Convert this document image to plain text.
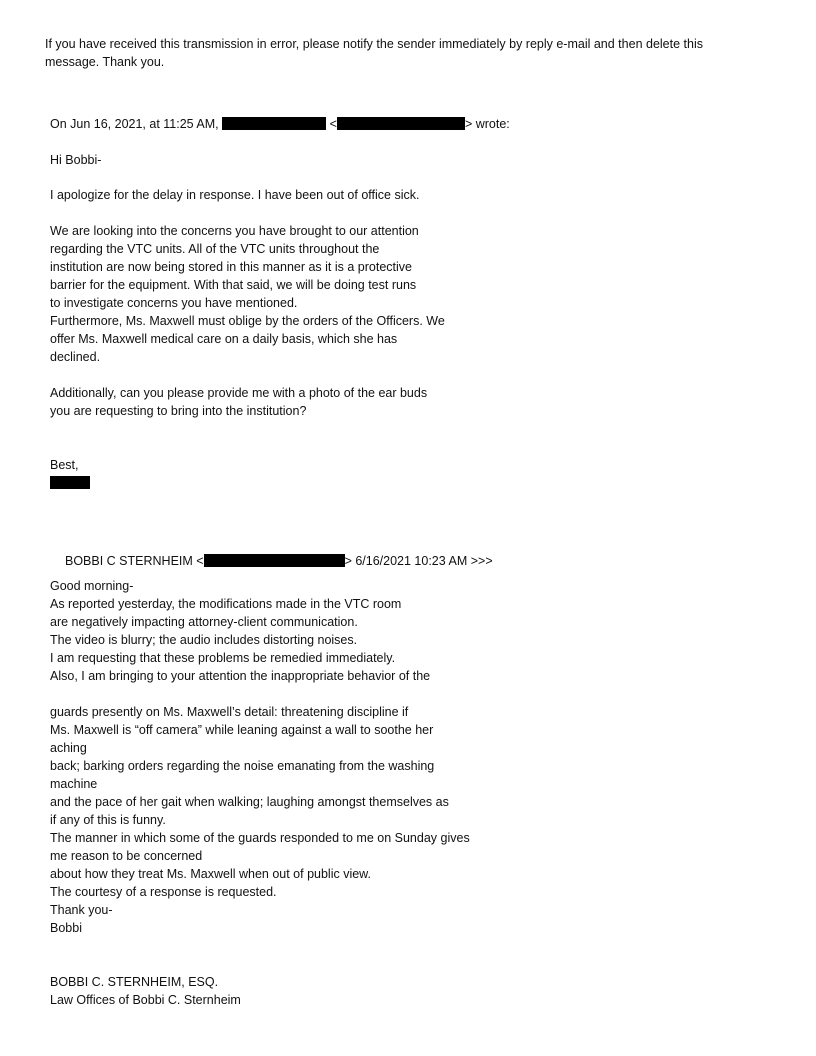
If you have received this transmission in error, please notify the sender immediately by reply e-mail and then delete this
message. Thank you.
On Jun 16, 2021, at 11:25 AM,	<	> wrote:
Hi Bobbi-
I apologize for the delay in response. I have been out of office sick.
We are looking into the concerns you have brought to our attention
regarding the VTC units. All of the VTC units throughout the
institution are now being stored in this manner as it is a protective
barrier for the equipment. With that said, we will be doing test runs
to investigate concerns you have mentioned.
Furthermore, Ms. Maxwell must oblige by the orders of the Officers. We
offer Ms. Maxwell medical care on a daily basis, which she has
declined.
Additionally, can you please provide me with a photo of the ear buds
you are requesting to bring into the institution?
Best,
BOBBI C STERNHEIM <	> 6/16/2021 10:23 AM >>>
Good morning-
As reported yesterday, the modifications made in the VTC room
are negatively impacting attorney-client communication.
The video is blurry; the audio includes distorting noises.
I am requesting that these problems be remedied immediately.
Also, I am bringing to your attention the inappropriate behavior of the
guards presently on Ms. Maxwell’s detail: threatening discipline if
Ms. Maxwell is “off camera” while leaning against a wall to soothe her
aching
back; barking orders regarding the noise emanating from the washing
machine
and the pace of her gait when walking; laughing amongst themselves as
if any of this is funny.
The manner in which some of the guards responded to me on Sunday gives
me reason to be concerned
about how they treat Ms. Maxwell when out of public view.
The courtesy of a response is requested.
Thank you-
Bobbi
BOBBI C. STERNHEIM, ESQ.
Law Offices of Bobbi C. Sternheim
